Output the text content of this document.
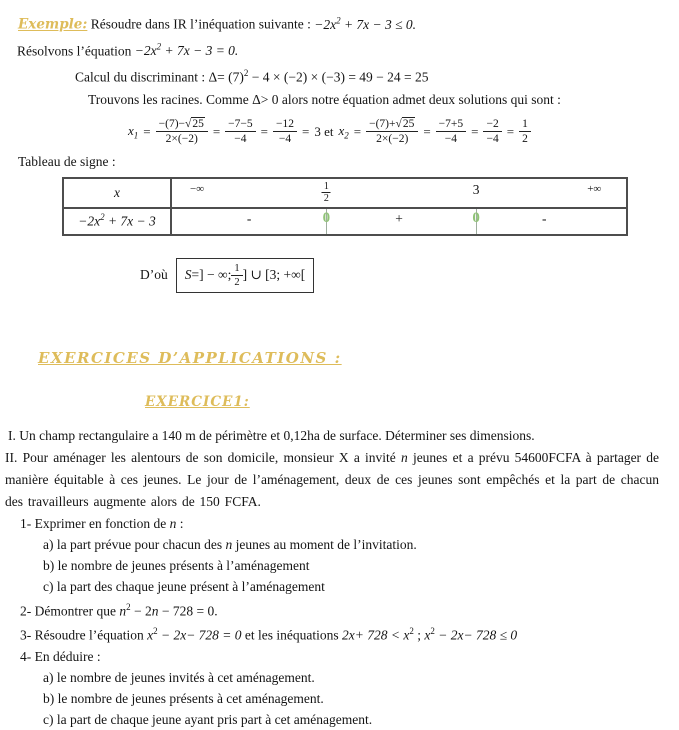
Exemple: Résoudre dans IR l’inéquation suivante : $-2x^2 + 7x - 3 \le 0$.

Résolvons l’équation $-2x^2 + 7x - 3 = 0$.

Calcul du discriminant : $\Delta= (7)^2 - 4 \times (-2) \times (-3) = 49 - 24 = 25$

Trouvons les racines. Comme Δ> 0 alors notre équation admet deux solutions qui sont :

$x_1 = \frac{-(7)-√25}{2\times(-2)} = \frac{-7-5}{-4} = \frac{-12}{-4} = 3$ et $x_2 = \frac{-(7)+√25}{2\times(-2)} = \frac{-7+5}{-4} = \frac{-2}{-4} = \frac{1}{2}$

Tableau de signe :

x	−∞	$\frac{1}{2}$	3	+∞
$-2x^2 + 7x - 3$	-	0	+	0	-
D’où S =] − ∞; $\frac{1}{2}$ ] ∪ [3; +∞[

EXERCICES D’APPLICATIONS :

EXERCICE1:

I. Un champ rectangulaire a 140 m de périmètre et 0,12ha de surface. Déterminer ses dimensions.

II. Pour aménager les alentours de son domicile, monsieur X a invité n jeunes et a prévu 54600FCFA à partager de manière équitable à ces jeunes. Le jour de l’aménagement, deux de ces jeunes sont empêchés et la part de chacun des travailleurs augmente alors de 150 FCFA.

1- Exprimer en fonction de n :

a) la part prévue pour chacun des n jeunes au moment de l’invitation.

b) le nombre de jeunes présents à l’aménagement

c) la part des chaque jeune présent à l’aménagement

2- Démontrer que $n^2 - 2n - 728 = 0$.

3- Résoudre l’équation $x^2 - 2x- 728 = 0$ et les inéquations $2x+ 728 < x^2$ ; $x^2 - 2x- 728 \le 0$

4- En déduire :

a) le nombre de jeunes invités à cet aménagement.

b) le nombre de jeunes présents à cet aménagement.

c) la part de chaque jeune ayant pris part à cet aménagement.
